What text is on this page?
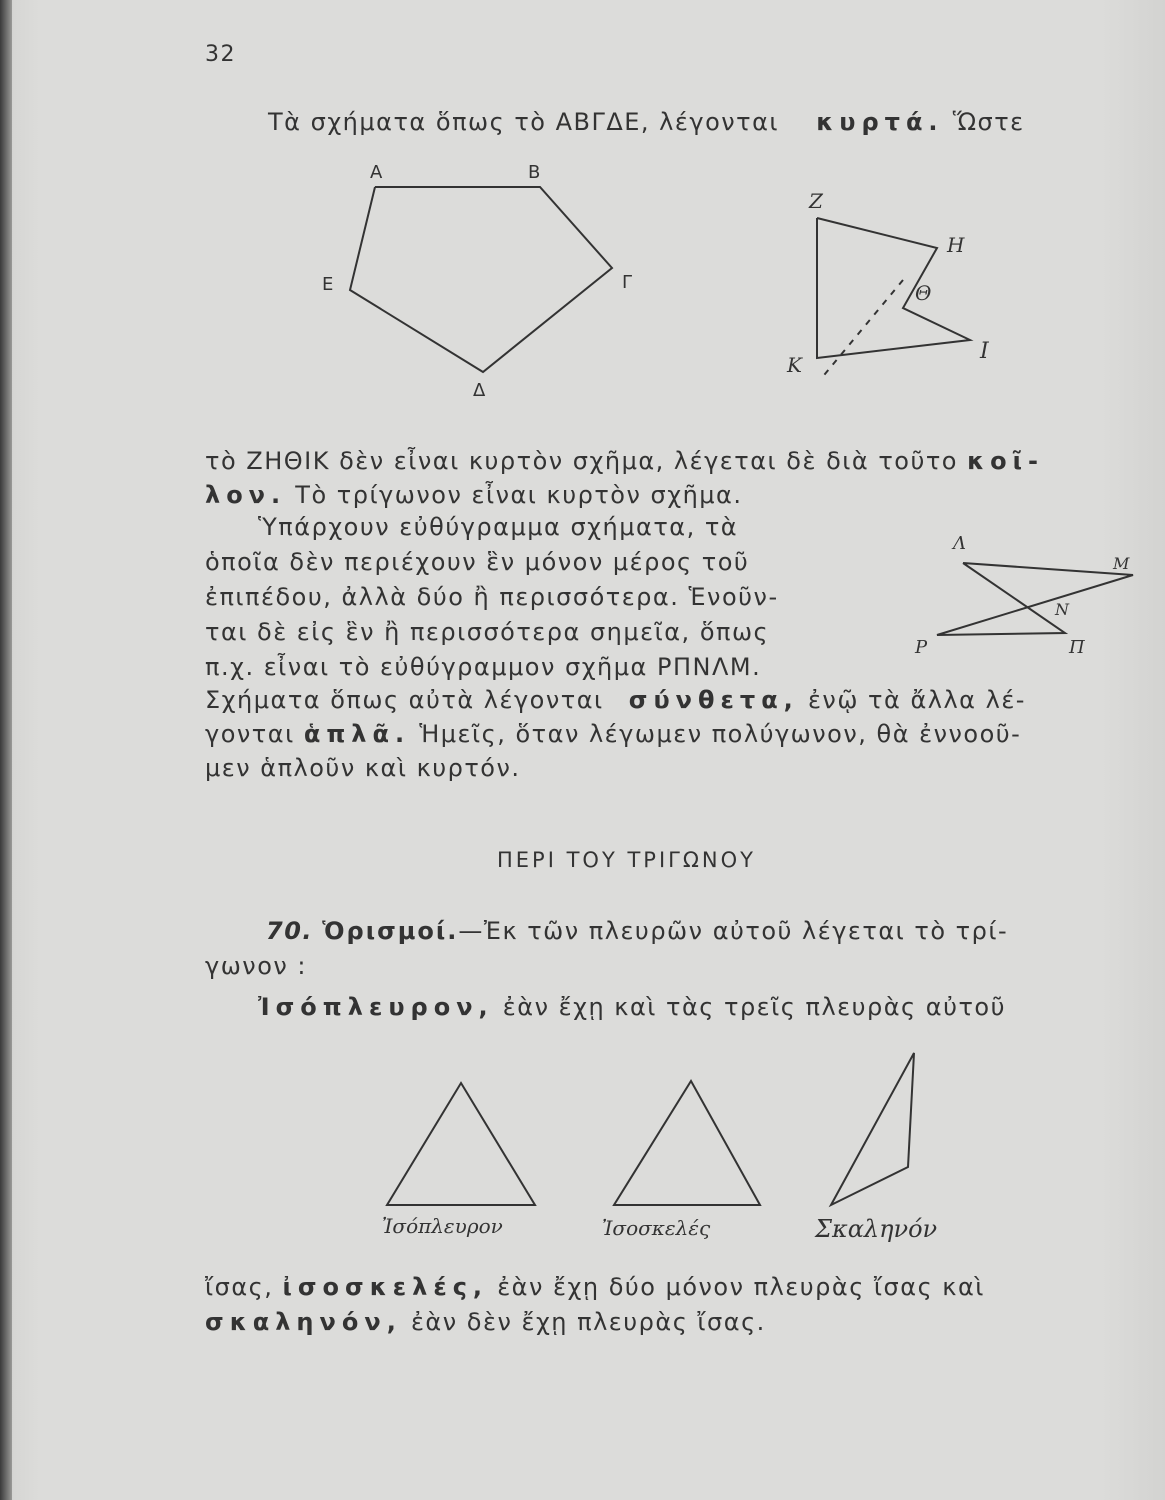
32
Τὰ σχήματα ὅπως τὸ ΑΒΓΔΕ, λέγονται κυρτά. Ὥστε
Α	Β
Γ
Δ
Ε
Ζ
Η
Θ
Ι
Κ
τὸ ΖΗΘΙΚ δὲν εἶναι κυρτὸν σχῆμα, λέγεται δὲ διὰ τοῦτο κοῖ-
λον. Τὸ τρίγωνον εἶναι κυρτὸν σχῆμα.
Ὑπάρχουν εὐθύγραμμα σχήματα, τὰ
ὁποῖα δὲν περιέχουν ἓν μόνον μέρος τοῦ
ἐπιπέδου, ἀλλὰ δύο ἢ περισσότερα. Ἑνοῦν-
ται δὲ εἰς ἓν ἢ περισσότερα σημεῖα, ὅπως
π.χ. εἶναι τὸ εὐθύγραμμον σχῆμα ΡΠΝΛΜ.
Λ
Μ
Ν
Ρ	Π
Σχήματα ὅπως αὐτὰ λέγονται σύνθετα, ἐνῷ τὰ ἄλλα λέ-
γονται ἁπλᾶ. Ἡμεῖς, ὅταν λέγωμεν πολύγωνον, θὰ ἐννοοῦ-
μεν ἁπλοῦν καὶ κυρτόν.
ΠΕΡΙ ΤΟΥ ΤΡΙΓΩΝΟΥ
70. Ὁρισμοί.—Ἐκ τῶν πλευρῶν αὐτοῦ λέγεται τὸ τρί-
γωνον :
Ἰσόπλευρον, ἐὰν ἔχῃ καὶ τὰς τρεῖς πλευρὰς αὐτοῦ
Ἰσόπλευρον	Ἰσοσκελές	Σκαληνόν
ἴσας, ἰσοσκελές, ἐὰν ἔχῃ δύο μόνον πλευρὰς ἴσας καὶ
σκαληνόν, ἐὰν δὲν ἔχῃ πλευρὰς ἴσας.
